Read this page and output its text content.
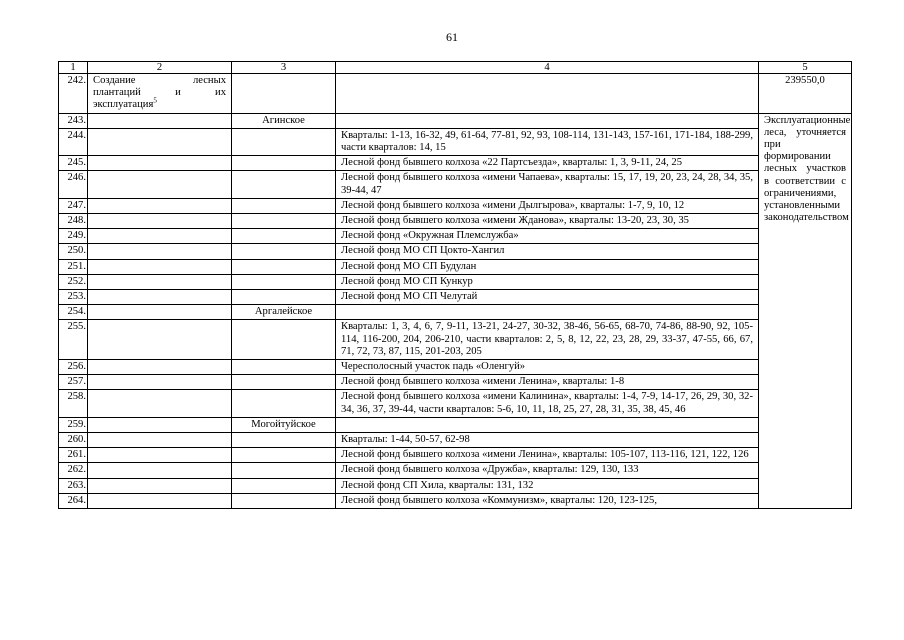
61
1	2	3	4	5
242.	Создание лесных
плантаций и их
эксплуатация$^5$			239550,0
243.		Агинское		Эксплуатационные леса, уточняется при формировании лесных участков в соответствии с ограничениями, установленными законодательством
244.			Кварталы: 1-13, 16-32, 49, 61-64, 77-81, 92, 93, 108-114, 131-143, 157-161, 171-184, 188-299, части кварталов: 14, 15	
245.			Лесной фонд бывшего колхоза «22 Партсъезда», кварталы: 1, 3, 9-11, 24, 25	
246.			Лесной фонд бывшего колхоза «имени Чапаева», кварталы: 15, 17, 19, 20, 23, 24, 28, 34, 35, 39-44, 47	
247.			Лесной фонд бывшего колхоза «имени Дылгырова», кварталы: 1-7, 9, 10, 12	
248.			Лесной фонд бывшего колхоза «имени Жданова», кварталы: 13-20, 23, 30, 35	
249.			Лесной фонд «Окружная Племслужба»	
250.			Лесной фонд МО СП Цокто-Хангил	
251.			Лесной фонд МО СП Будулан	
252.			Лесной фонд МО СП Кункур	
253.			Лесной фонд МО СП Челутай	
254.		Аргалейское		
255.			Кварталы: 1, 3, 4, 6, 7, 9-11, 13-21, 24-27, 30-32, 38-46, 56-65, 68-70, 74-86, 88-90, 92, 105-114, 116-200, 204, 206-210, части кварталов: 2, 5, 8, 12, 22, 23, 28, 29, 33-37, 47-55, 66, 67, 71, 72, 73, 87, 115, 201-203, 205	
256.			Чересполосный участок падь «Оленгуй»	
257.			Лесной фонд бывшего колхоза «имени Ленина», кварталы: 1-8	
258.			Лесной фонд бывшего колхоза «имени Калинина», кварталы: 1-4, 7-9, 14-17, 26, 29, 30, 32-34, 36, 37, 39-44, части кварталов: 5-6, 10, 11, 18, 25, 27, 28, 31, 35, 38, 45, 46	
259.		Могойтуйское		
260.			Кварталы: 1-44, 50-57, 62-98	
261.			Лесной фонд бывшего колхоза «имени Ленина», кварталы: 105-107, 113-116, 121, 122, 126	
262.			Лесной фонд бывшего колхоза «Дружба», кварталы: 129, 130, 133	
263.			Лесной фонд СП Хила, кварталы: 131, 132	
264.			Лесной фонд бывшего колхоза «Коммунизм», кварталы: 120, 123-125,	
